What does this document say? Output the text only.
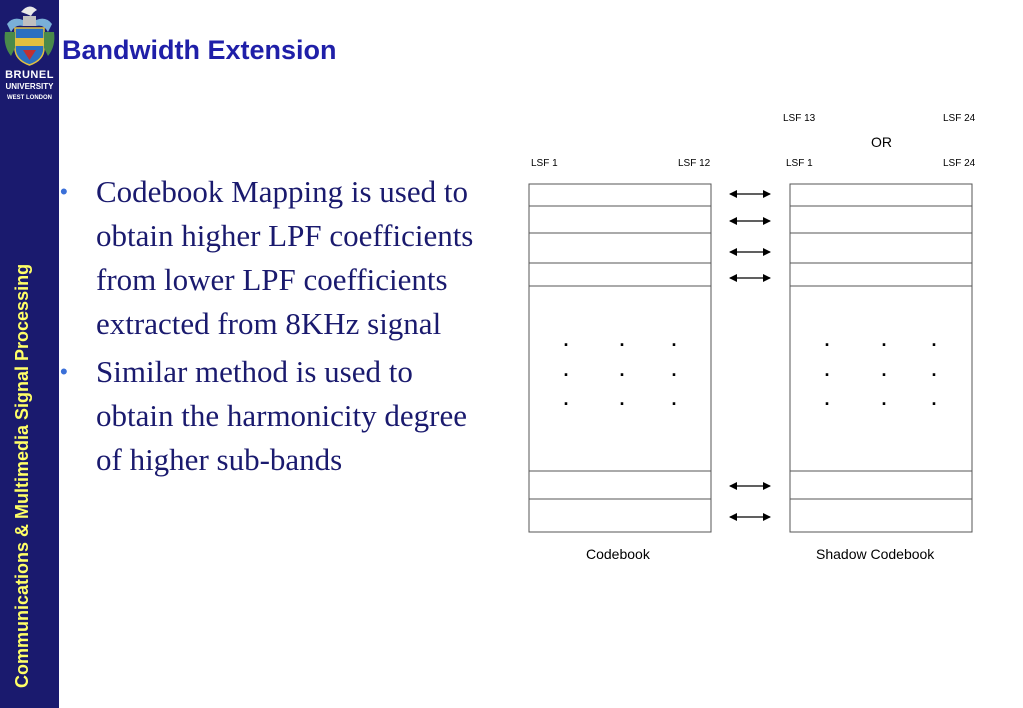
BRUNEL
UNIVERSITY
WEST LONDON
Communications & Multimedia Signal Processing
Bandwidth Extension
• Codebook Mapping is used to obtain higher LPF coefficients from lower LPF coefficients extracted from 8KHz signal
• Similar method is used to obtain the harmonicity degree of higher sub-bands
LSF 13	LSF 24
OR
LSF 1	LSF 12	LSF 1	LSF 24
.	.	.
.	.	.
.	.	.
.	. .
.	. .
.	. .
Codebook	Shadow Codebook
